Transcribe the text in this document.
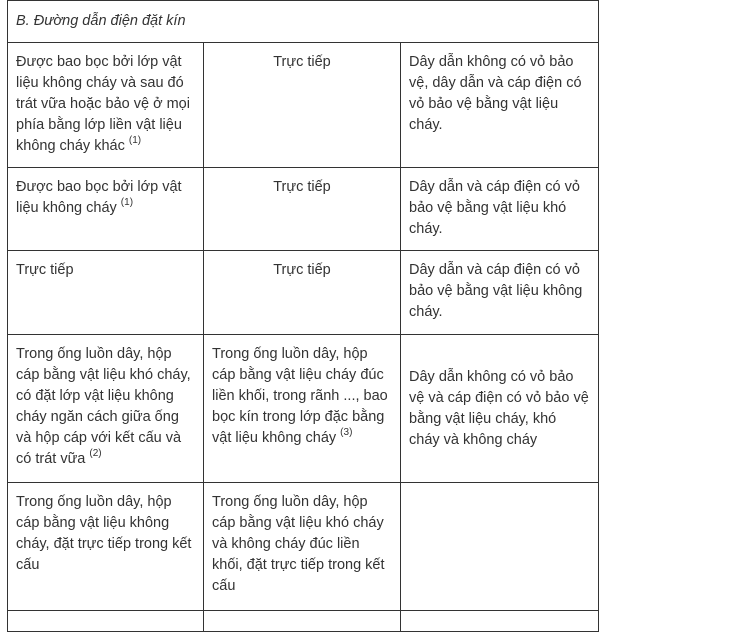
B. Đường dẫn điện đặt kín		
Được bao bọc bởi lớp vật liệu không cháy và sau đó trát vữa hoặc bảo vệ ở mọi phía bằng lớp liền vật liệu không cháy khác $^{(1)}$	Trực tiếp	Dây dẫn không có vỏ bảo vệ, dây dẫn và cáp điện có vỏ bảo vệ bằng vật liệu cháy.
Được bao bọc bởi lớp vật liệu không cháy $^{(1)}$	Trực tiếp	Dây dẫn và cáp điện có vỏ bảo vệ bằng vật liệu khó cháy.
Trực tiếp	Trực tiếp	Dây dẫn và cáp điện có vỏ bảo vệ bằng vật liệu không cháy.
Trong ống luồn dây, hộp cáp bằng vật liệu khó cháy, có đặt lớp vật liệu không cháy ngăn cách giữa ống và hộp cáp với kết cấu và có trát vữa $^{(2)}$	Trong ống luồn dây, hộp cáp bằng vật liệu cháy đúc liền khối, trong rãnh ..., bao bọc kín trong lớp đặc bằng vật liệu không cháy $^{(3)}$	Dây dẫn không có vỏ bảo vệ và cáp điện có vỏ bảo vệ bằng vật liệu cháy, khó cháy và không cháy
Trong ống luồn dây, hộp cáp bằng vật liệu không cháy, đặt trực tiếp trong kết cấu	Trong ống luồn dây, hộp cáp bằng vật liệu khó cháy và không cháy đúc liền khối, đặt trực tiếp trong kết cấu	
